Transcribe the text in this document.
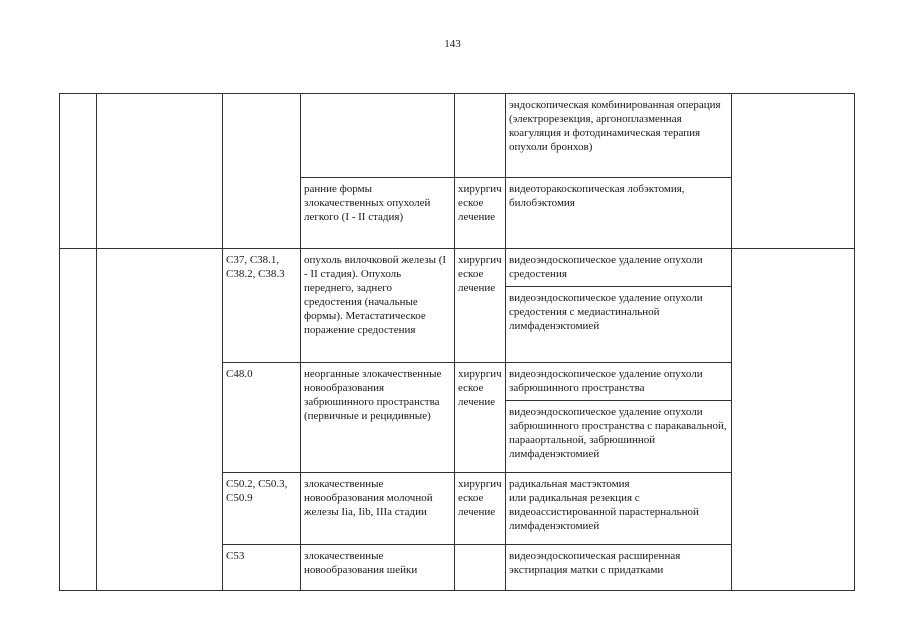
143
					эндоскопическая комбинированная операция (электрорезекция, аргоноплазменная коагуляция и фотодинамическая терапия опухоли бронхов)	
			ранние формы злокачественных опухолей легкого (I - II стадия)	хирургическое лечение	видеоторакоскопическая лобэктомия, билобэктомия	
		C37, C38.1, C38.2, C38.3	опухоль вилочковой железы (I - II стадия). Опухоль переднего, заднего средостения (начальные формы). Метастатическое поражение средостения	хирургическое лечение	видеоэндоскопическое удаление опухоли средостения	
					видеоэндоскопическое удаление опухоли средостения с медиастинальной лимфаденэктомией	
		C48.0	неорганные злокачественные новообразования забрюшинного пространства (первичные и рецидивные)	хирургическое лечение	видеоэндоскопическое удаление опухоли забрюшинного пространства	
					видеоэндоскопическое удаление опухоли забрюшинного пространства с паракавальной, парааортальной, забрюшинной лимфаденэктомией	
		C50.2, C50.3, C50.9	злокачественные новообразования молочной железы Iia, Iib, IIIa стадии	хирургическое лечение	радикальная мастэктомия
или радикальная резекция с видеоассистированной парастернальной лимфаденэктомией	
		C53	злокачественные новообразования шейки		видеоэндоскопическая расширенная экстирпация матки с придатками	
